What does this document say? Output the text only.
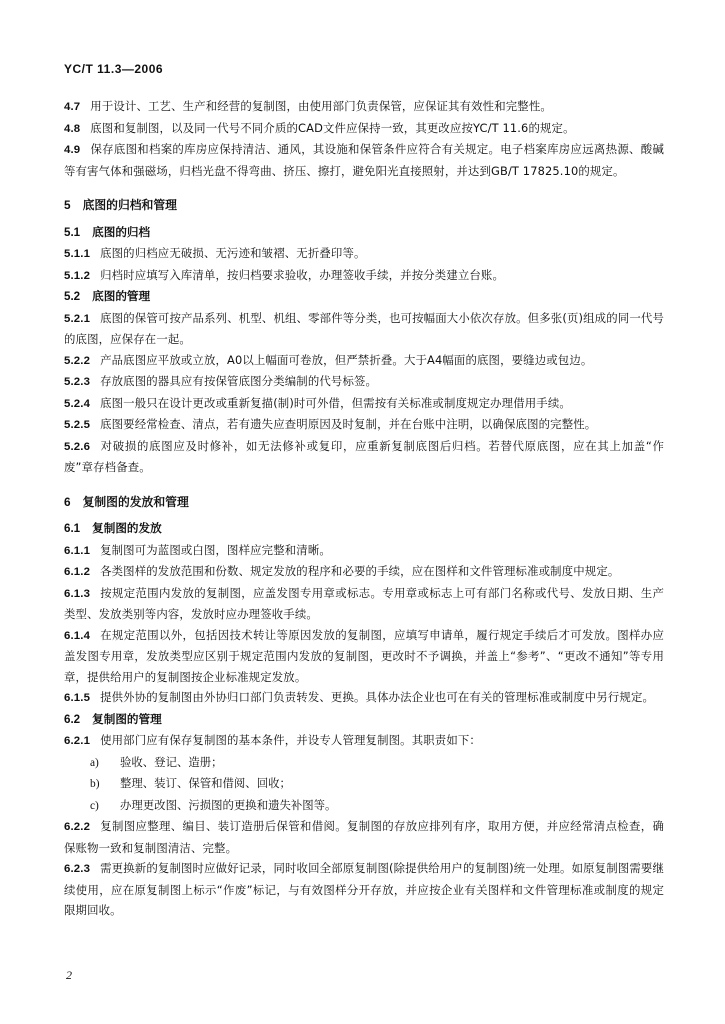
YC/T 11.3—2006

4.7 用于设计、工艺、生产和经营的复制图，由使用部门负责保管，应保证其有效性和完整性。

4.8 底图和复制图，以及同一代号不同介质的CAD文件应保持一致，其更改应按YC/T 11.6的规定。

4.9 保存底图和档案的库房应保持清洁、通风，其设施和保管条件应符合有关规定。电子档案库房应远离热源、酸碱等有害气体和强磁场，归档光盘不得弯曲、挤压、擦打，避免阳光直接照射，并达到GB/T 17825.10的规定。

5 底图的归档和管理
5.1 底图的归档

5.1.1 底图的归档应无破损、无污迹和皱褶、无折叠印等。

5.1.2 归档时应填写入库清单，按归档要求验收，办理签收手续，并按分类建立台账。

5.2 底图的管理

5.2.1 底图的保管可按产品系列、机型、机组、零部件等分类，也可按幅面大小依次存放。但多张(页)组成的同一代号的底图，应保存在一起。

5.2.2 产品底图应平放或立放，A0以上幅面可卷放，但严禁折叠。大于A4幅面的底图，要缝边或包边。

5.2.3 存放底图的器具应有按保管底图分类编制的代号标签。

5.2.4 底图一般只在设计更改或重新复描(制)时可外借，但需按有关标准或制度规定办理借用手续。

5.2.5 底图要经常检查、清点，若有遗失应查明原因及时复制，并在台账中注明，以确保底图的完整性。

5.2.6 对破损的底图应及时修补，如无法修补或复印，应重新复制底图后归档。若替代原底图，应在其上加盖“作废”章存档备查。

6 复制图的发放和管理
6.1 复制图的发放

6.1.1 复制图可为蓝图或白图，图样应完整和清晰。

6.1.2 各类图样的发放范围和份数、规定发放的程序和必要的手续，应在图样和文件管理标准或制度中规定。

6.1.3 按规定范围内发放的复制图，应盖发图专用章或标志。专用章或标志上可有部门名称或代号、发放日期、生产类型、发放类别等内容，发放时应办理签收手续。

6.1.4 在规定范围以外，包括因技术转让等原因发放的复制图，应填写申请单，履行规定手续后才可发放。图样办应盖发图专用章，发放类型应区别于规定范围内发放的复制图，更改时不予调换，并盖上“参考”、“更改不通知”等专用章，提供给用户的复制图按企业标准规定发放。

6.1.5 提供外协的复制图由外协归口部门负责转发、更换。具体办法企业也可在有关的管理标准或制度中另行规定。

6.2 复制图的管理

6.2.1 使用部门应有保存复制图的基本条件，并设专人管理复制图。其职责如下：

a) 验收、登记、造册；

b) 整理、装订、保管和借阅、回收；

c) 办理更改图、污损图的更换和遗失补图等。

6.2.2 复制图应整理、编目、装订造册后保管和借阅。复制图的存放应排列有序，取用方便，并应经常清点检查，确保账物一致和复制图清洁、完整。

6.2.3 需更换新的复制图时应做好记录，同时收回全部原复制图(除提供给用户的复制图)统一处理。如原复制图需要继续使用，应在原复制图上标示“作废”标记，与有效图样分开存放，并应按企业有关图样和文件管理标准或制度的规定限期回收。

2
